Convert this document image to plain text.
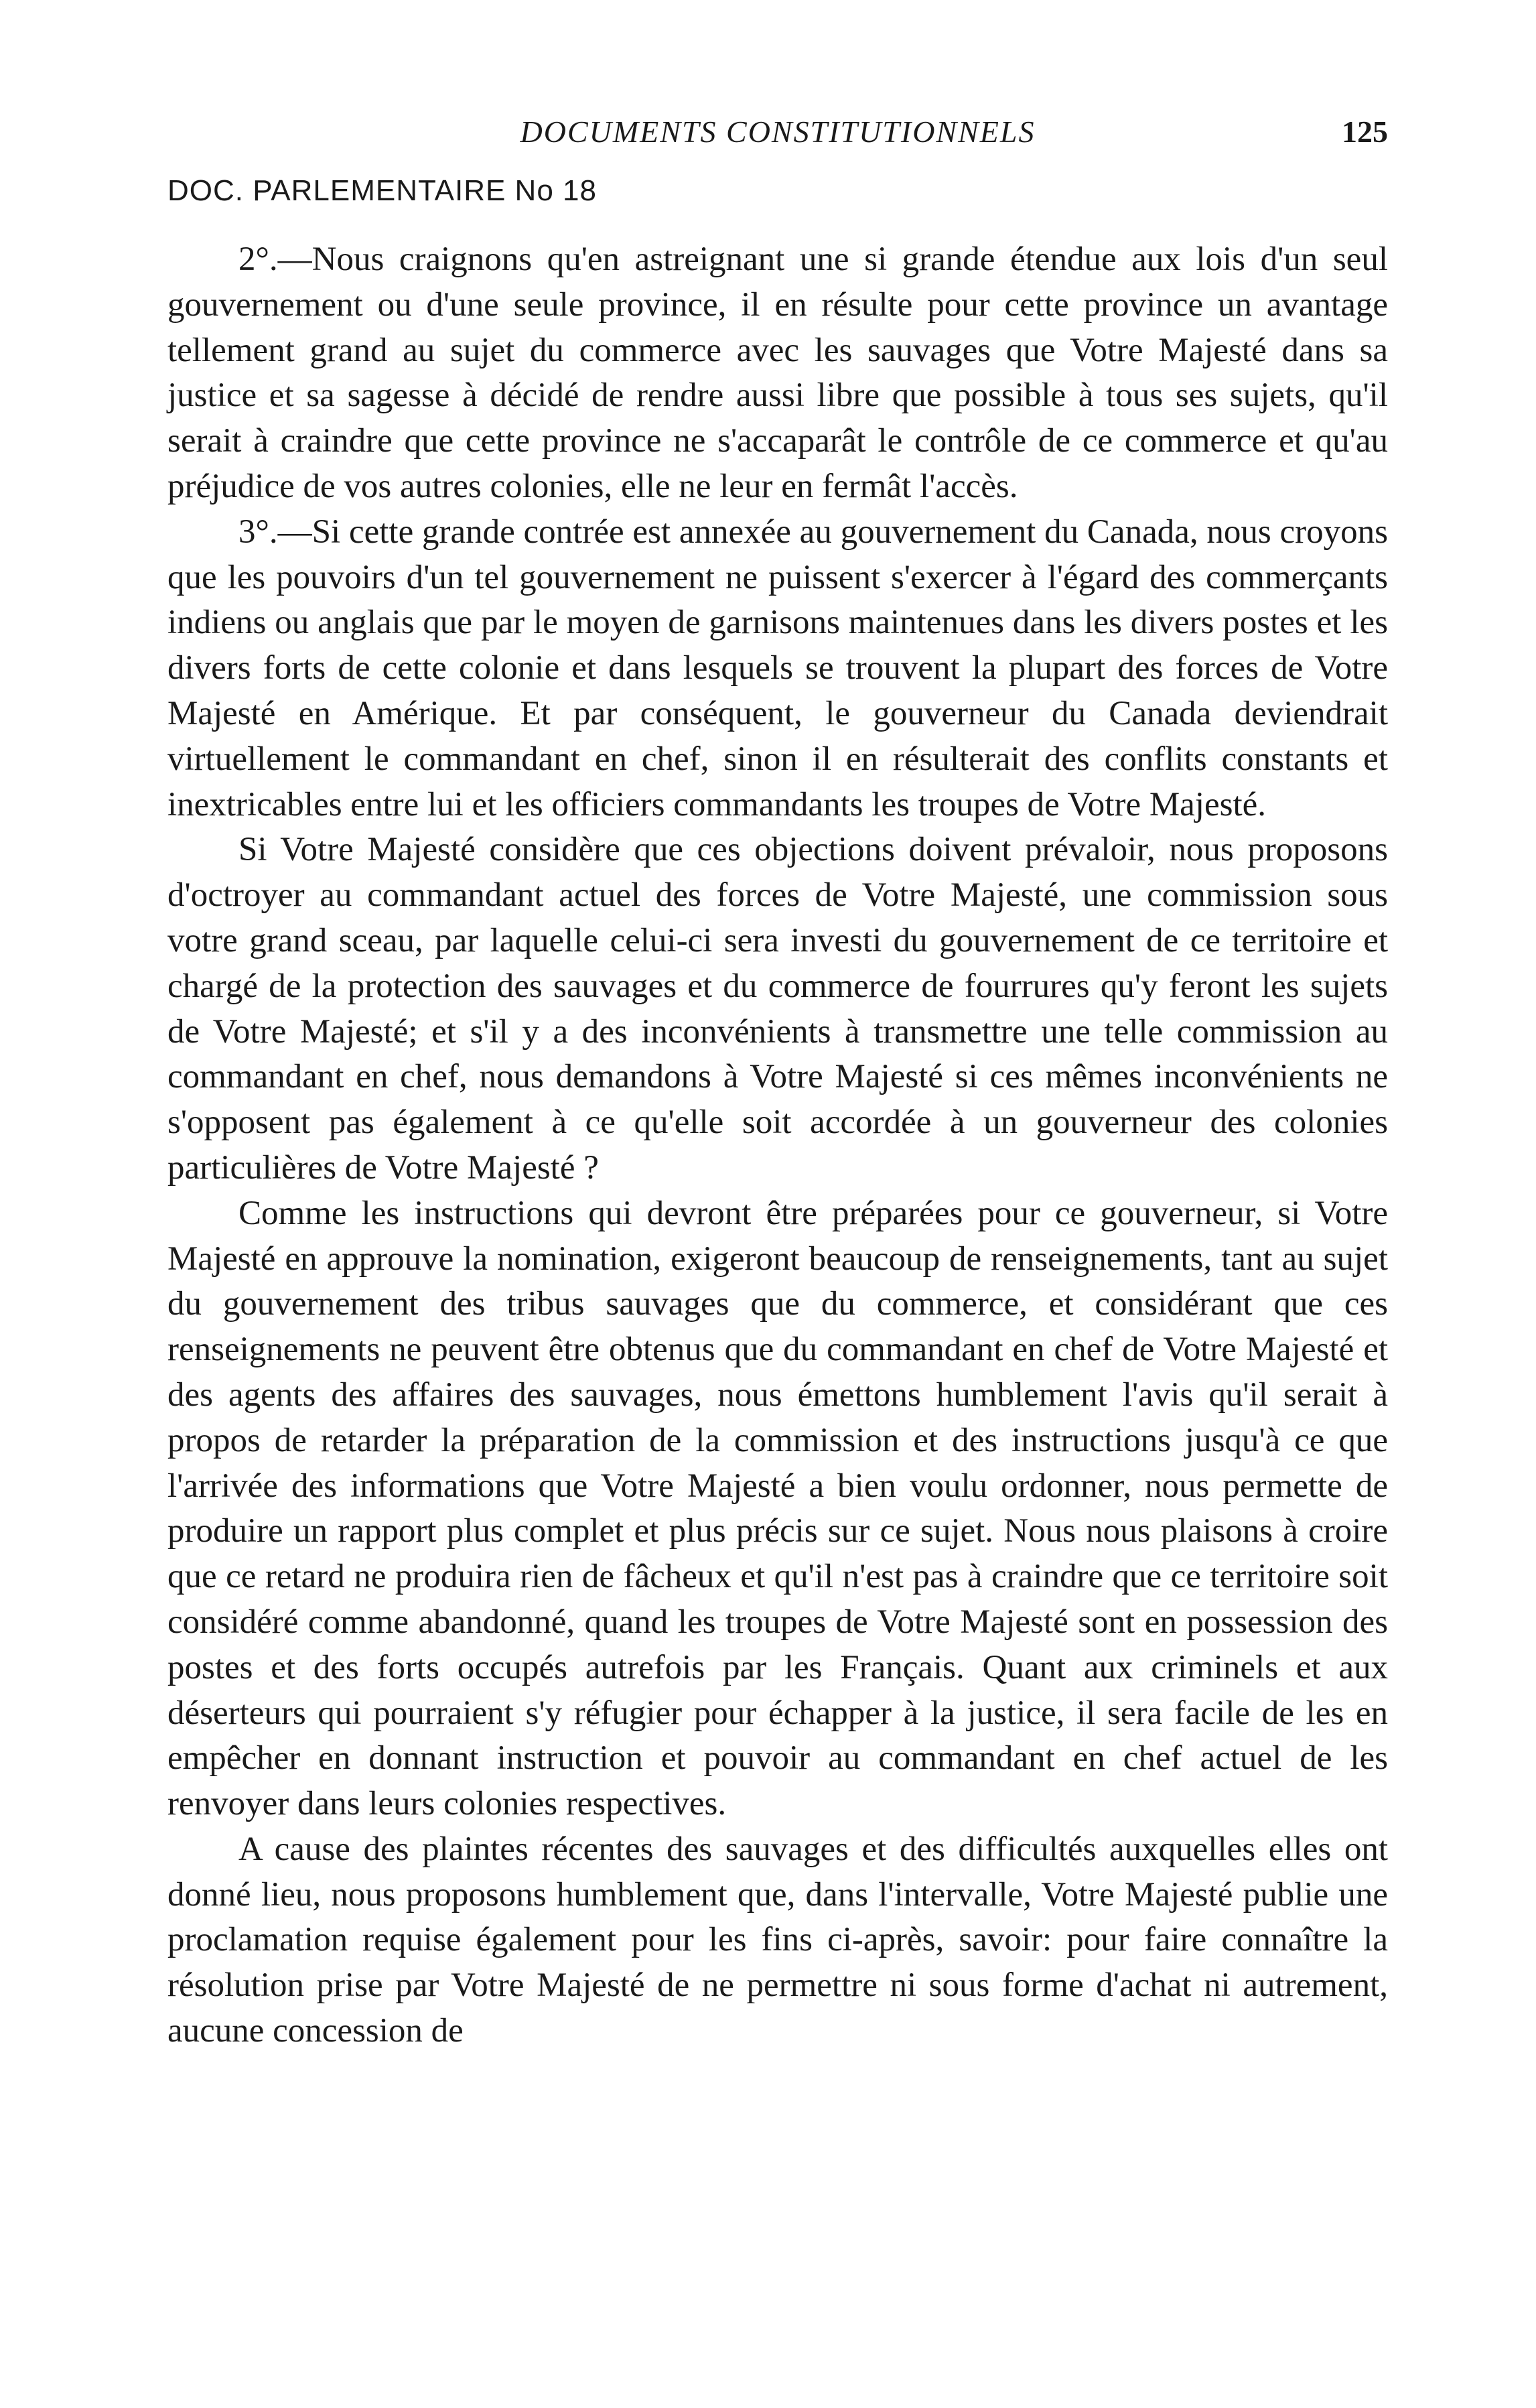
DOCUMENTS CONSTITUTIONNELS	125
DOC. PARLEMENTAIRE No 18

2°.—Nous craignons qu'en astreignant une si grande étendue aux lois d'un seul gouvernement ou d'une seule province, il en résulte pour cette province un avantage tellement grand au sujet du commerce avec les sauvages que Votre Majesté dans sa justice et sa sagesse à décidé de rendre aussi libre que possible à tous ses sujets, qu'il serait à craindre que cette province ne s'accaparât le contrôle de ce commerce et qu'au préjudice de vos autres colonies, elle ne leur en fermât l'accès.

3°.—Si cette grande contrée est annexée au gouvernement du Canada, nous croyons que les pouvoirs d'un tel gouvernement ne puissent s'exercer à l'égard des commerçants indiens ou anglais que par le moyen de garnisons maintenues dans les divers postes et les divers forts de cette colonie et dans lesquels se trouvent la plupart des forces de Votre Majesté en Amérique. Et par conséquent, le gouverneur du Canada deviendrait virtuellement le commandant en chef, sinon il en résulterait des conflits constants et inextricables entre lui et les officiers commandants les troupes de Votre Majesté.

Si Votre Majesté considère que ces objections doivent prévaloir, nous proposons d'octroyer au commandant actuel des forces de Votre Majesté, une commission sous votre grand sceau, par laquelle celui-ci sera investi du gouvernement de ce territoire et chargé de la protection des sauvages et du commerce de fourrures qu'y feront les sujets de Votre Majesté; et s'il y a des inconvénients à transmettre une telle commission au commandant en chef, nous demandons à Votre Majesté si ces mêmes inconvénients ne s'opposent pas également à ce qu'elle soit accordée à un gouverneur des colonies particulières de Votre Majesté ?

Comme les instructions qui devront être préparées pour ce gouverneur, si Votre Majesté en approuve la nomination, exigeront beaucoup de renseignements, tant au sujet du gouvernement des tribus sauvages que du commerce, et considérant que ces renseignements ne peuvent être obtenus que du commandant en chef de Votre Majesté et des agents des affaires des sauvages, nous émettons humblement l'avis qu'il serait à propos de retarder la préparation de la commission et des instructions jusqu'à ce que l'arrivée des informations que Votre Majesté a bien voulu ordonner, nous permette de produire un rapport plus complet et plus précis sur ce sujet. Nous nous plaisons à croire que ce retard ne produira rien de fâcheux et qu'il n'est pas à craindre que ce territoire soit considéré comme abandonné, quand les troupes de Votre Majesté sont en possession des postes et des forts occupés autrefois par les Français. Quant aux criminels et aux déserteurs qui pourraient s'y réfugier pour échapper à la justice, il sera facile de les en empêcher en donnant instruction et pouvoir au commandant en chef actuel de les renvoyer dans leurs colonies respectives.

A cause des plaintes récentes des sauvages et des difficultés auxquelles elles ont donné lieu, nous proposons humblement que, dans l'intervalle, Votre Majesté publie une proclamation requise également pour les fins ci-après, savoir: pour faire connaître la résolution prise par Votre Majesté de ne permettre ni sous forme d'achat ni autrement, aucune concession de
